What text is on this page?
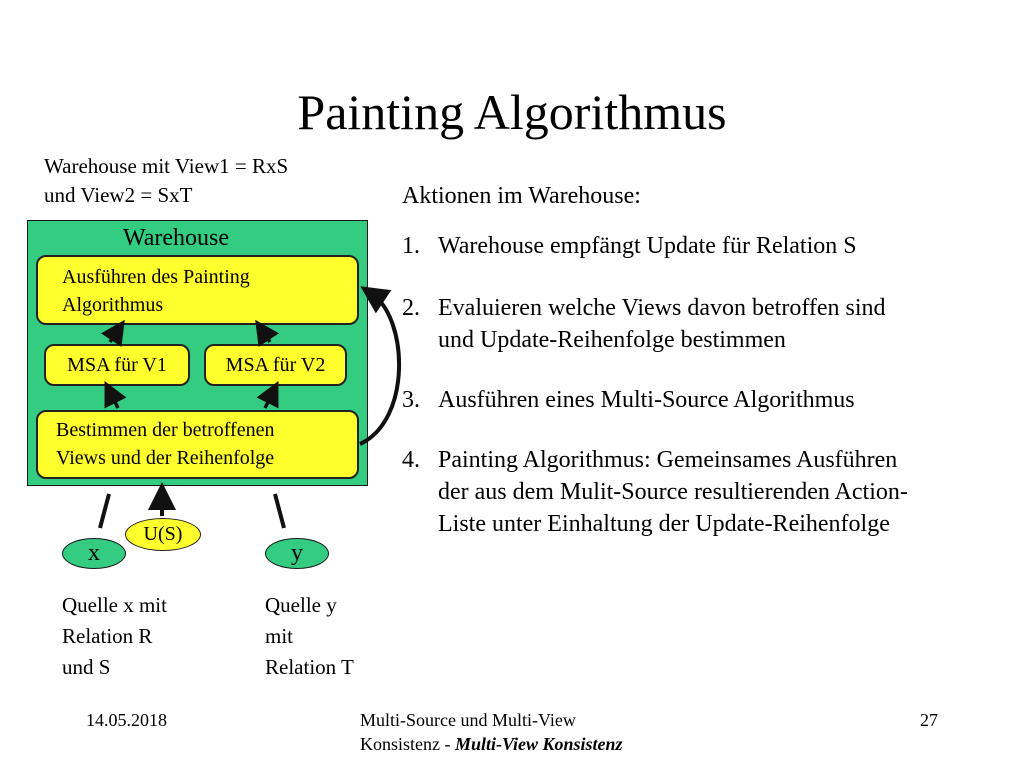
Painting Algorithmus
Warehouse mit View1 = RxS
und View2 = SxT
Warehouse
Ausführen des Painting
Algorithmus
MSA für V1	MSA für V2
Bestimmen der betroffenen
Views und der Reihenfolge
U(S)
x	y
Quelle x mit
Relation R
und S
Quelle y
mit
Relation T
Aktionen im Warehouse:
1. Warehouse empfängt Update für Relation S
2. Evaluieren welche Views davon betroffen sind
und Update-Reihenfolge bestimmen
3. Ausführen eines Multi-Source Algorithmus
4. Painting Algorithmus: Gemeinsames Ausführen
der aus dem Mulit-Source resultierenden Action-
Liste unter Einhaltung der Update-Reihenfolge
14.05.2018	Multi-Source und Multi-View
Konsistenz - Multi-View Konsistenz
27
